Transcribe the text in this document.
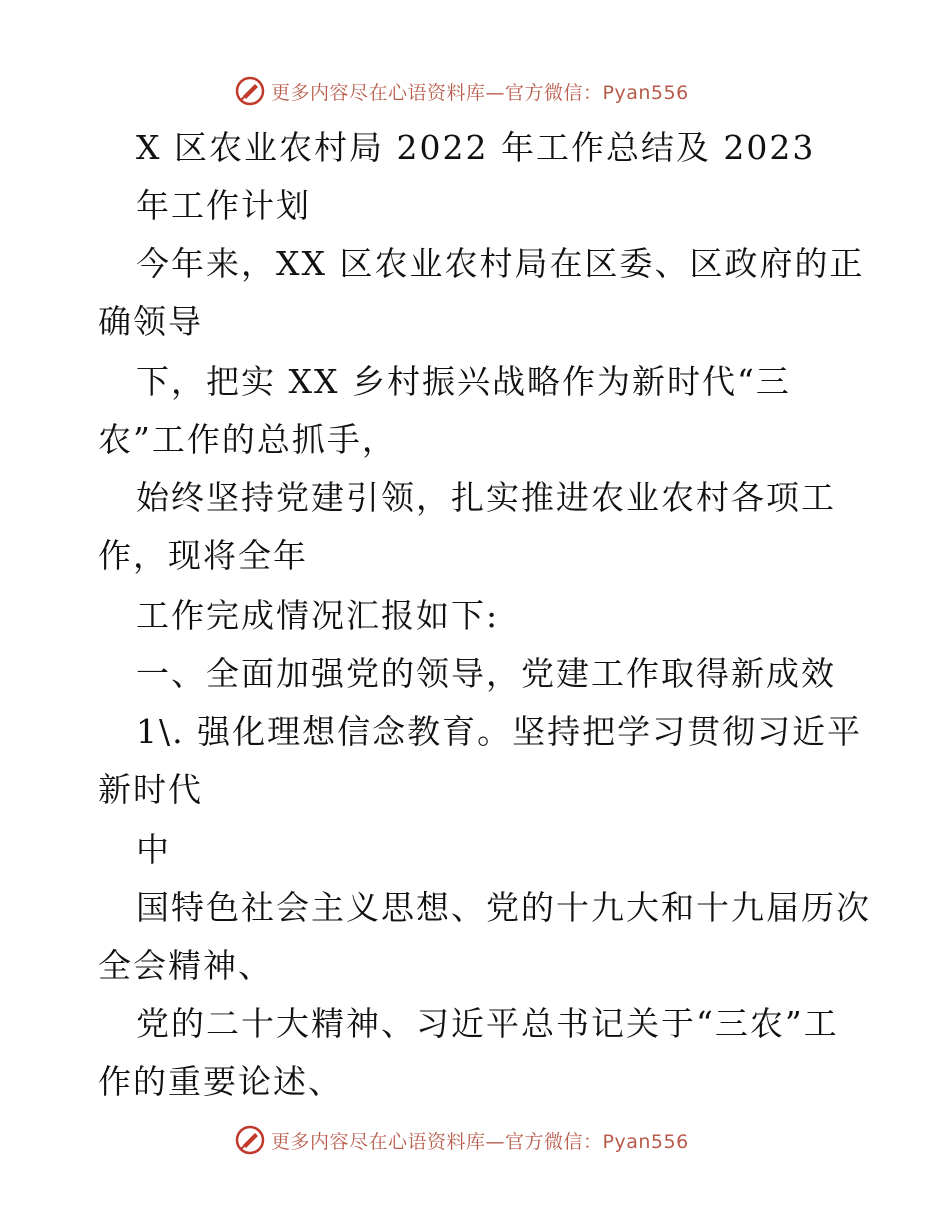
更多内容尽在心语资料库—官方微信：Pyan556
X 区农业农村局 2022 年工作总结及 2023
年工作计划
今年来，XX 区农业农村局在区委、区政府的正
确领导
下，把实 XX 乡村振兴战略作为新时代“三
农”工作的总抓手，
始终坚持党建引领，扎实推进农业农村各项工
作，现将全年
工作完成情况汇报如下:
一、全面加强党的领导，党建工作取得新成效
1\. 强化理想信念教育。坚持把学习贯彻习近平
新时代
中
国特色社会主义思想、党的十九大和十九届历次
全会精神、
党的二十大精神、习近平总书记关于“三农”工
作的重要论述、
更多内容尽在心语资料库—官方微信：Pyan556
